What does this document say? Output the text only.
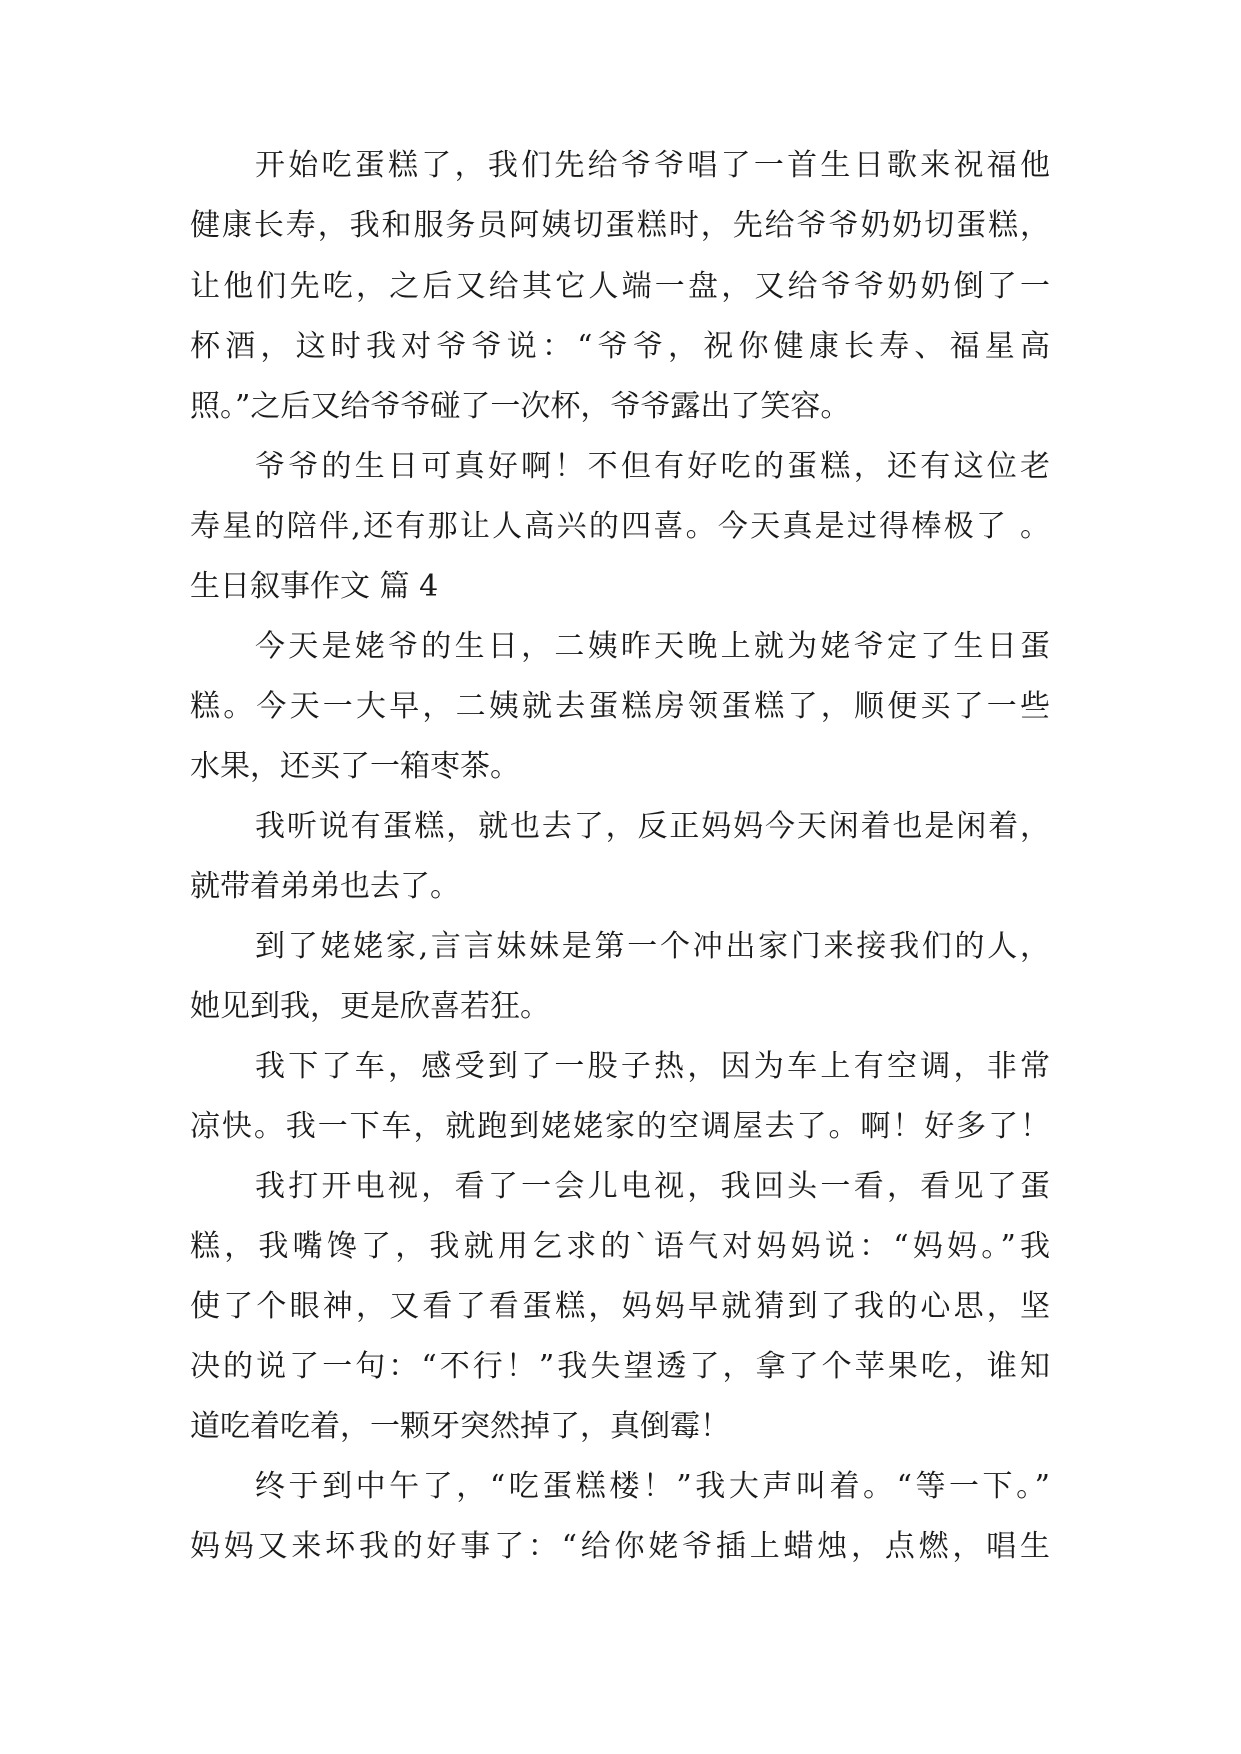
开始吃蛋糕了，我们先给爷爷唱了一首生日歌来祝福他
健康长寿，我和服务员阿姨切蛋糕时，先给爷爷奶奶切蛋糕，
让他们先吃，之后又给其它人端一盘，又给爷爷奶奶倒了一
杯酒，这时我对爷爷说：“爷爷，祝你健康长寿、福星高
照。”之后又给爷爷碰了一次杯，爷爷露出了笑容。
爷爷的生日可真好啊！不但有好吃的蛋糕，还有这位老
寿星的陪伴,还有那让人高兴的四喜。今天真是过得棒极了 。
生日叙事作文 篇 4
今天是姥爷的生日，二姨昨天晚上就为姥爷定了生日蛋
糕。今天一大早，二姨就去蛋糕房领蛋糕了，顺便买了一些
水果，还买了一箱枣茶。
我听说有蛋糕，就也去了，反正妈妈今天闲着也是闲着，
就带着弟弟也去了。
到了姥姥家,言言妹妹是第一个冲出家门来接我们的人，
她见到我，更是欣喜若狂。
我下了车，感受到了一股子热，因为车上有空调，非常
凉快。我一下车，就跑到姥姥家的空调屋去了。啊！好多了！
我打开电视，看了一会儿电视，我回头一看，看见了蛋
糕，我嘴馋了，我就用乞求的`语气对妈妈说：“妈妈。”我
使了个眼神，又看了看蛋糕，妈妈早就猜到了我的心思，坚
决的说了一句：“不行！”我失望透了，拿了个苹果吃，谁知
道吃着吃着，一颗牙突然掉了，真倒霉！
终于到中午了，“吃蛋糕楼！”我大声叫着。“等一下。”
妈妈又来坏我的好事了：“给你姥爷插上蜡烛，点燃，唱生
